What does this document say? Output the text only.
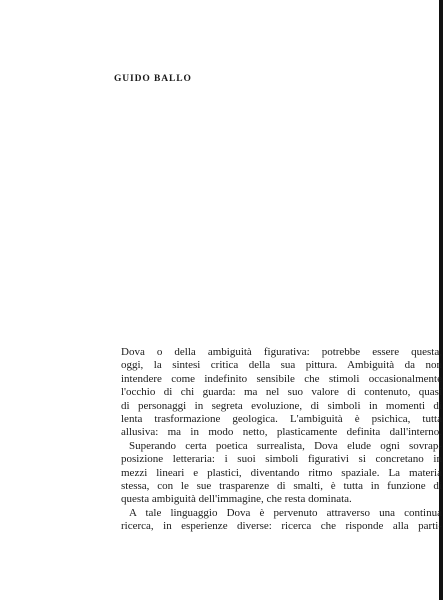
GUIDO BALLO

Dova o della ambiguità figurativa: potrebbe essere questa,
oggi, la sintesi critica della sua pittura. Ambiguità da non
intendere come indefinito sensibile che stimoli occasionalmente
l'occhio di chi guarda: ma nel suo valore di contenuto, quasi
di personaggi in segreta evoluzione, di simboli in momenti di
lenta trasformazione geologica. L'ambiguità è psichica, tutta
allusiva: ma in modo netto, plasticamente definita dall'interno.

Superando certa poetica surrealista, Dova elude ogni sovrap-
posizione letteraria: i suoi simboli figurativi si concretano in
mezzi lineari e plastici, diventando ritmo spaziale. La materia
stessa, con le sue trasparenze di smalti, è tutta in funzione di
questa ambiguità dell'immagine, che resta dominata.

A tale linguaggio Dova è pervenuto attraverso una continua
ricerca, in esperienze diverse: ricerca che risponde alla parti-
